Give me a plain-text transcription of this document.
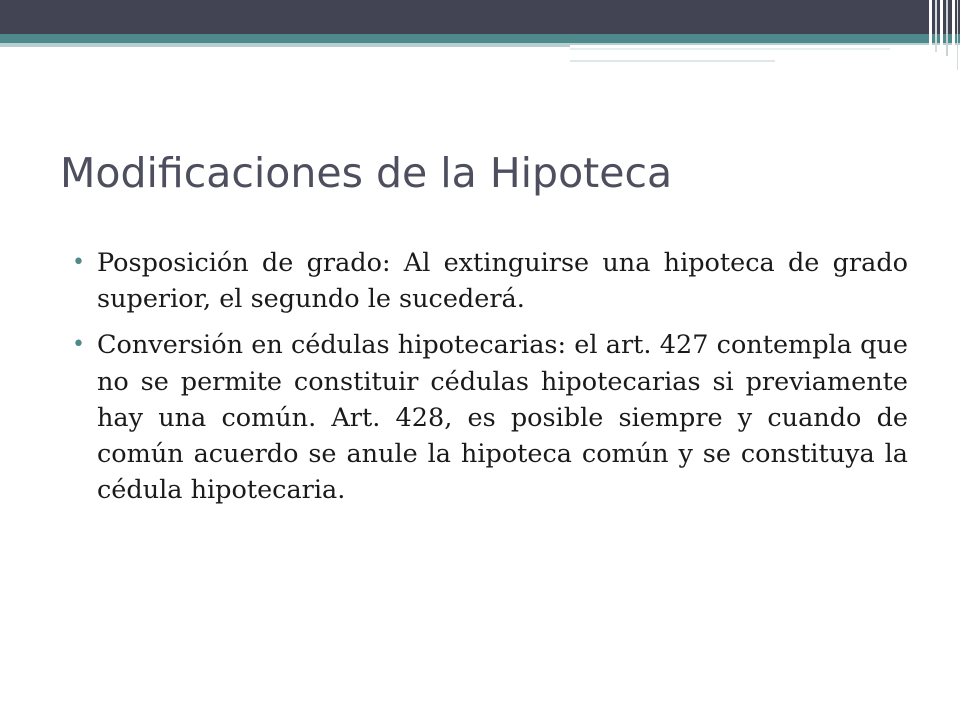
Modificaciones de la Hipoteca
• Posposición de grado: Al extinguirse una hipoteca de grado superior, el segundo le sucederá.
• Conversión en cédulas hipotecarias: el art. 427 contempla que no se permite constituir cédulas hipotecarias si previamente hay una común. Art. 428, es posible siempre y cuando de común acuerdo se anule la hipoteca común y se constituya la cédula hipotecaria.
